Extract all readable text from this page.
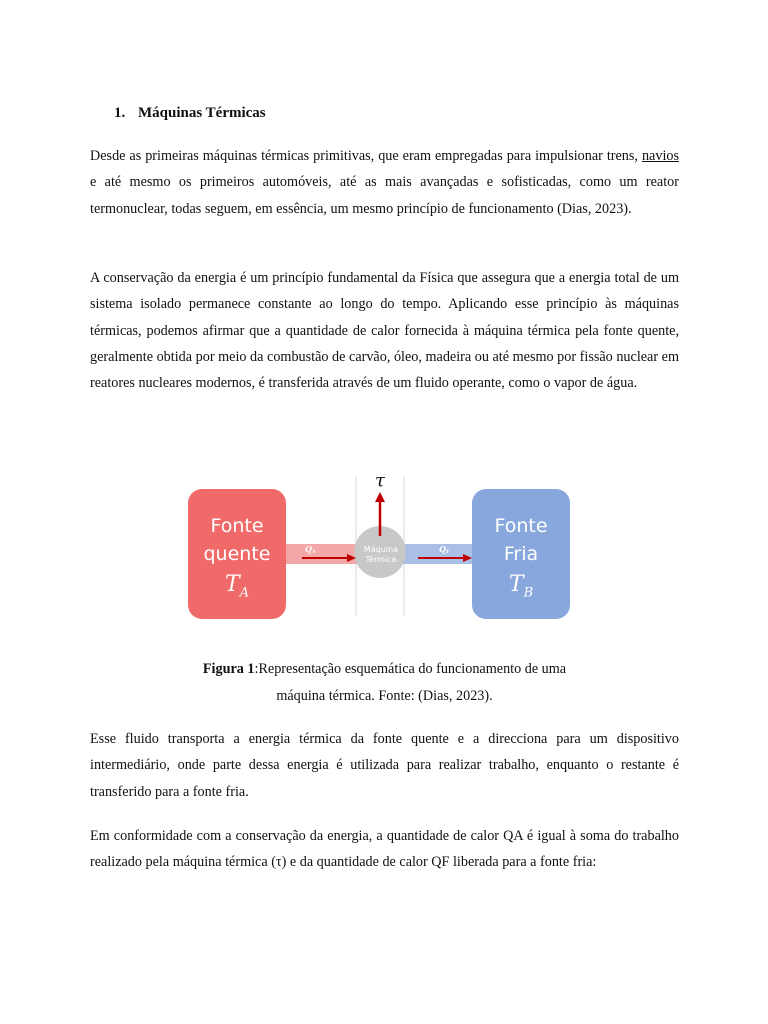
1. Máquinas Térmicas
Desde as primeiras máquinas térmicas primitivas, que eram empregadas para impulsionar trens, navios e até mesmo os primeiros automóveis, até as mais avançadas e sofisticadas, como um reator termonuclear, todas seguem, em essência, um mesmo princípio de funcionamento (Dias, 2023).
A conservação da energia é um princípio fundamental da Física que assegura que a energia total de um sistema isolado permanece constante ao longo do tempo. Aplicando esse princípio às máquinas térmicas, podemos afirmar que a quantidade de calor fornecida à máquina térmica pela fonte quente, geralmente obtida por meio da combustão de carvão, óleo, madeira ou até mesmo por fissão nuclear em reatores nucleares modernos, é transferida através de um fluido operante, como o vapor de água.
Figura 1:Representação esquemática do funcionamento de uma
máquina térmica. Fonte: (Dias, 2023).
Esse fluido transporta a energia térmica da fonte quente e a direcciona para um dispositivo intermediário, onde parte dessa energia é utilizada para realizar trabalho, enquanto o restante é transferido para a fonte fria.
Em conformidade com a conservação da energia, a quantidade de calor QA é igual à soma do trabalho realizado pela máquina térmica (τ) e da quantidade de calor QF liberada para a fonte fria:
τ
QA	QF
Máquina
Térmica
Fonte
quente
$T_A$
Fonte
Fria
$T_B$
